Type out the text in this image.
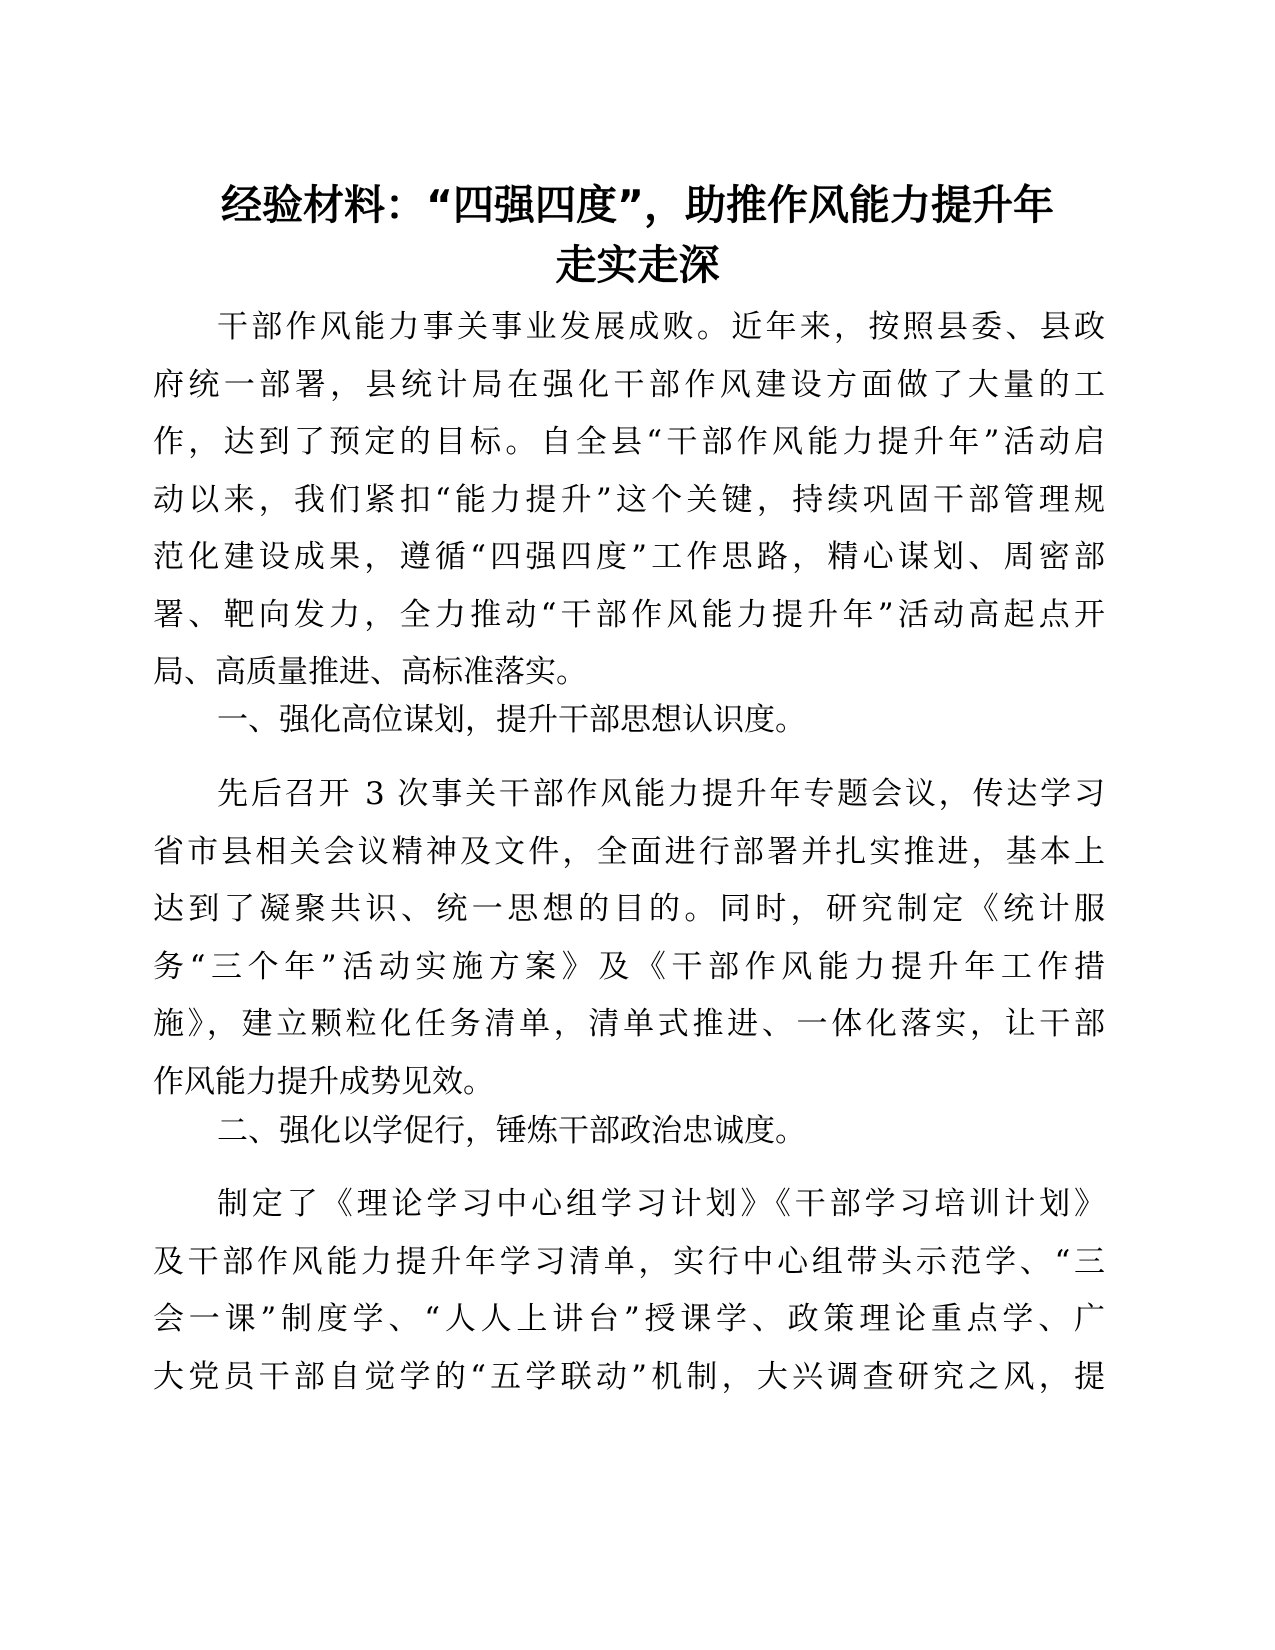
经验材料：“四强四度”，助推作风能力提升年
走实走深
干部作风能力事关事业发展成败。近年来，按照县委、县政
府统一部署，县统计局在强化干部作风建设方面做了大量的工
作，达到了预定的目标。自全县“干部作风能力提升年”活动启
动以来，我们紧扣“能力提升”这个关键，持续巩固干部管理规
范化建设成果，遵循“四强四度”工作思路，精心谋划、周密部
署、靶向发力，全力推动“干部作风能力提升年”活动高起点开
局、高质量推进、高标准落实。
一、强化高位谋划，提升干部思想认识度。
先后召开 3 次事关干部作风能力提升年专题会议，传达学习
省市县相关会议精神及文件，全面进行部署并扎实推进，基本上
达到了凝聚共识、统一思想的目的。同时，研究制定《统计服
务“三个年”活动实施方案》及《干部作风能力提升年工作措
施》，建立颗粒化任务清单，清单式推进、一体化落实，让干部
作风能力提升成势见效。
二、强化以学促行，锤炼干部政治忠诚度。
制定了《理论学习中心组学习计划》《干部学习培训计划》
及干部作风能力提升年学习清单，实行中心组带头示范学、“三
会一课”制度学、“人人上讲台”授课学、政策理论重点学、广
大党员干部自觉学的“五学联动”机制，大兴调查研究之风，提
